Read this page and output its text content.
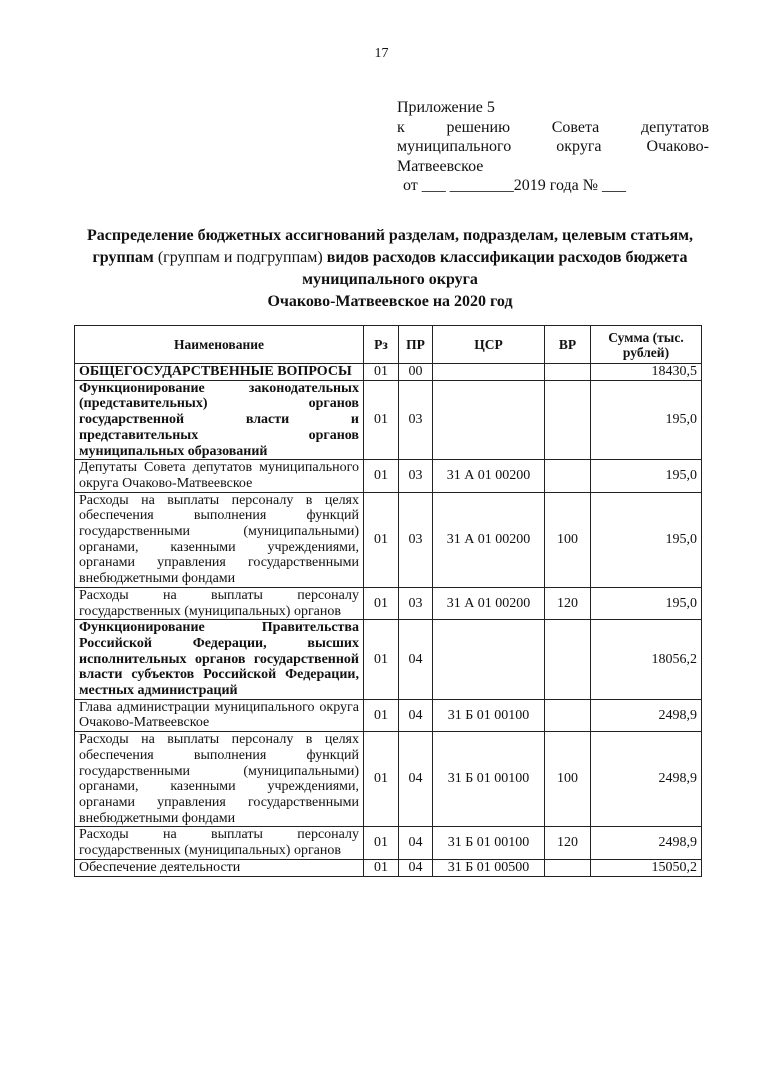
17
Приложение 5
к решению Совета депутатов
муниципального округа Очаково-
Матвеевское
от ___ ________2019 года № ___
Распределение бюджетных ассигнований разделам, подразделам, целевым статьям, группам (группам и подгруппам) видов расходов классификации расходов бюджета муниципального округа
Очаково-Матвеевское на 2020 год
Наименование	Рз	ПР	ЦСР	ВР	Сумма (тыс. рублей)
ОБЩЕГОСУДАРСТВЕННЫЕ ВОПРОСЫ	01	00			18430,5
Функционирование законодательных (представительных) органов государственной власти и представительных органов муниципальных образований	01	03			195,0
Депутаты Совета депутатов муниципального округа Очаково-Матвеевское	01	03	31 А 01 00200		195,0
Расходы на выплаты персоналу в целях обеспечения выполнения функций государственными (муниципальными) органами, казенными учреждениями, органами управления государственными внебюджетными фондами	01	03	31 А 01 00200	100	195,0
Расходы на выплаты персоналу государственных (муниципальных) органов	01	03	31 А 01 00200	120	195,0
Функционирование Правительства Российской Федерации, высших исполнительных органов государственной власти субъектов Российской Федерации, местных администраций	01	04			18056,2
Глава администрации муниципального округа Очаково-Матвеевское	01	04	31 Б 01 00100		2498,9
Расходы на выплаты персоналу в целях обеспечения выполнения функций государственными (муниципальными) органами, казенными учреждениями, органами управления государственными внебюджетными фондами	01	04	31 Б 01 00100	100	2498,9
Расходы на выплаты персоналу государственных (муниципальных) органов	01	04	31 Б 01 00100	120	2498,9
Обеспечение деятельности	01	04	31 Б 01 00500		15050,2
